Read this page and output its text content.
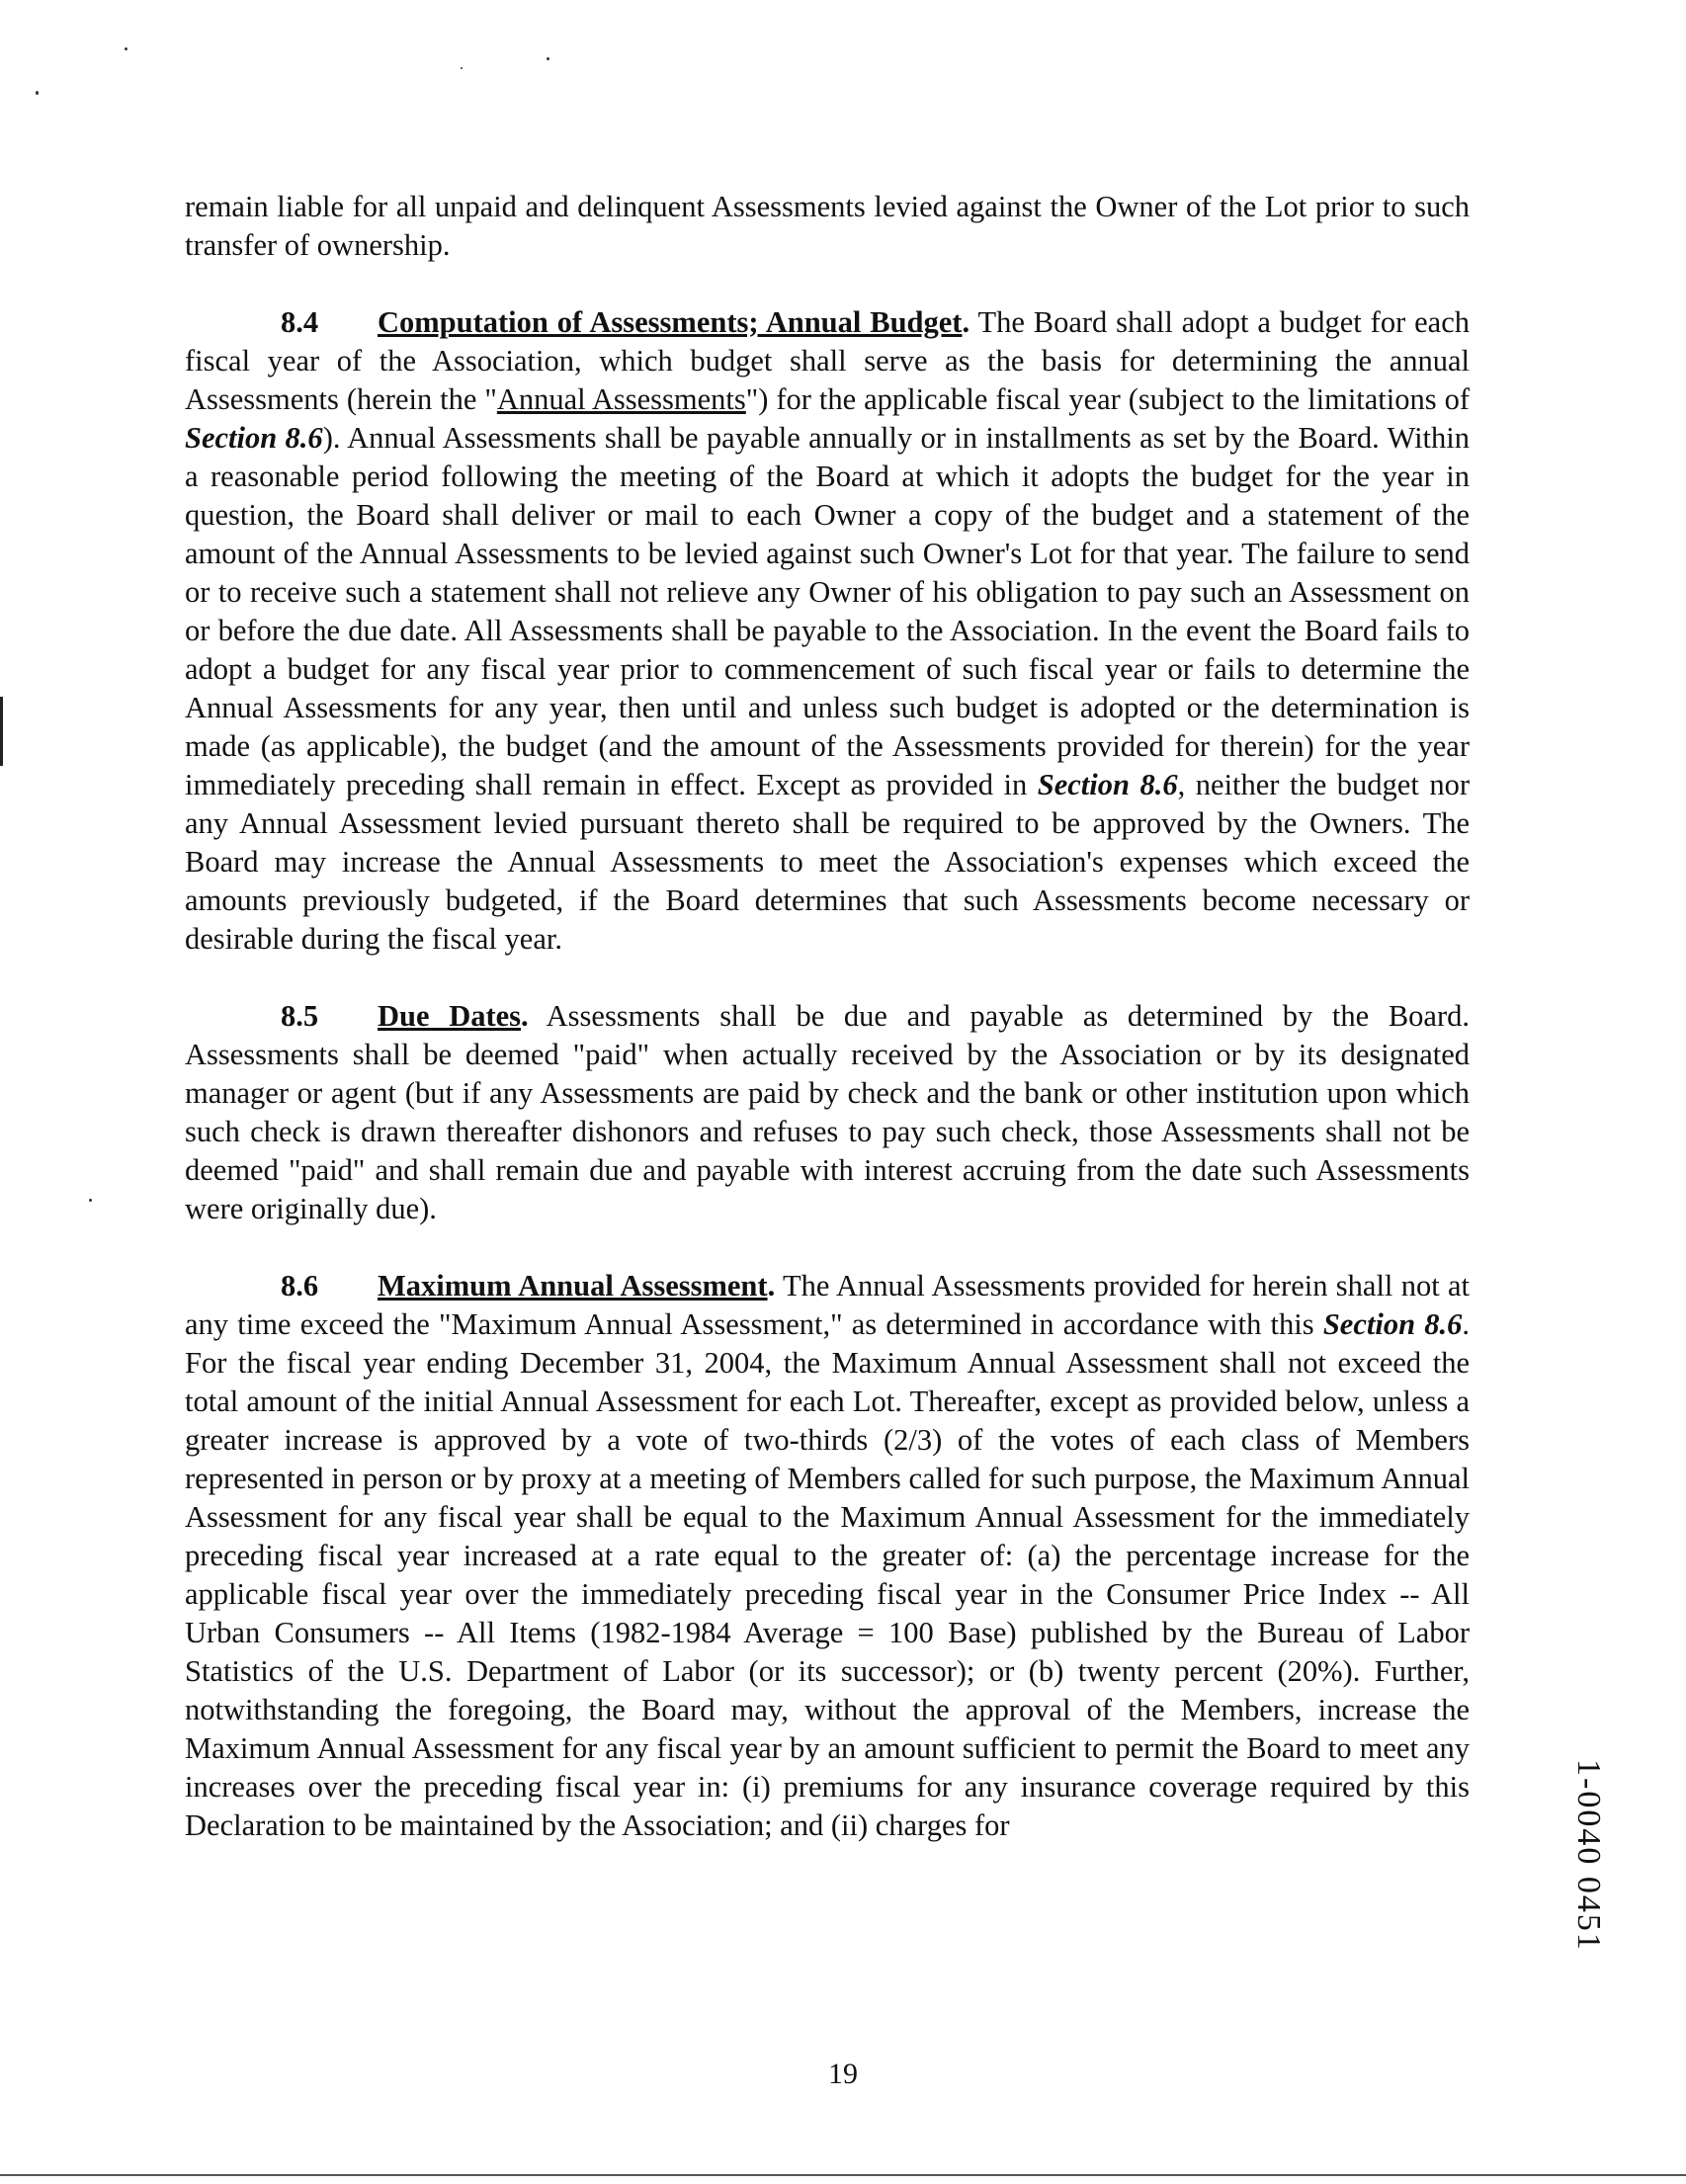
remain liable for all unpaid and delinquent Assessments levied against the Owner of the Lot prior to such transfer of ownership.

8.4 Computation of Assessments; Annual Budget. The Board shall adopt a budget for each fiscal year of the Association, which budget shall serve as the basis for determining the annual Assessments (herein the "Annual Assessments") for the applicable fiscal year (subject to the limitations of Section 8.6). Annual Assessments shall be payable annually or in installments as set by the Board. Within a reasonable period following the meeting of the Board at which it adopts the budget for the year in question, the Board shall deliver or mail to each Owner a copy of the budget and a statement of the amount of the Annual Assessments to be levied against such Owner's Lot for that year. The failure to send or to receive such a statement shall not relieve any Owner of his obligation to pay such an Assessment on or before the due date. All Assessments shall be payable to the Association. In the event the Board fails to adopt a budget for any fiscal year prior to commencement of such fiscal year or fails to determine the Annual Assessments for any year, then until and unless such budget is adopted or the determination is made (as applicable), the budget (and the amount of the Assessments provided for therein) for the year immediately preceding shall remain in effect. Except as provided in Section 8.6, neither the budget nor any Annual Assessment levied pursuant thereto shall be required to be approved by the Owners. The Board may increase the Annual Assessments to meet the Association's expenses which exceed the amounts previously budgeted, if the Board determines that such Assessments become necessary or desirable during the fiscal year.

8.5 Due Dates. Assessments shall be due and payable as determined by the Board. Assessments shall be deemed "paid" when actually received by the Association or by its designated manager or agent (but if any Assessments are paid by check and the bank or other institution upon which such check is drawn thereafter dishonors and refuses to pay such check, those Assessments shall not be deemed "paid" and shall remain due and payable with interest accruing from the date such Assessments were originally due).

8.6 Maximum Annual Assessment. The Annual Assessments provided for herein shall not at any time exceed the "Maximum Annual Assessment," as determined in accordance with this Section 8.6. For the fiscal year ending December 31, 2004, the Maximum Annual Assessment shall not exceed the total amount of the initial Annual Assessment for each Lot. Thereafter, except as provided below, unless a greater increase is approved by a vote of two-thirds (2/3) of the votes of each class of Members represented in person or by proxy at a meeting of Members called for such purpose, the Maximum Annual Assessment for any fiscal year shall be equal to the Maximum Annual Assessment for the immediately preceding fiscal year increased at a rate equal to the greater of: (a) the percentage increase for the applicable fiscal year over the immediately preceding fiscal year in the Consumer Price Index -- All Urban Consumers -- All Items (1982-1984 Average = 100 Base) published by the Bureau of Labor Statistics of the U.S. Department of Labor (or its successor); or (b) twenty percent (20%). Further, notwithstanding the foregoing, the Board may, without the approval of the Members, increase the Maximum Annual Assessment for any fiscal year by an amount sufficient to permit the Board to meet any increases over the preceding fiscal year in: (i) premiums for any insurance coverage required by this Declaration to be maintained by the Association; and (ii) charges for	1-0040 0451
19
